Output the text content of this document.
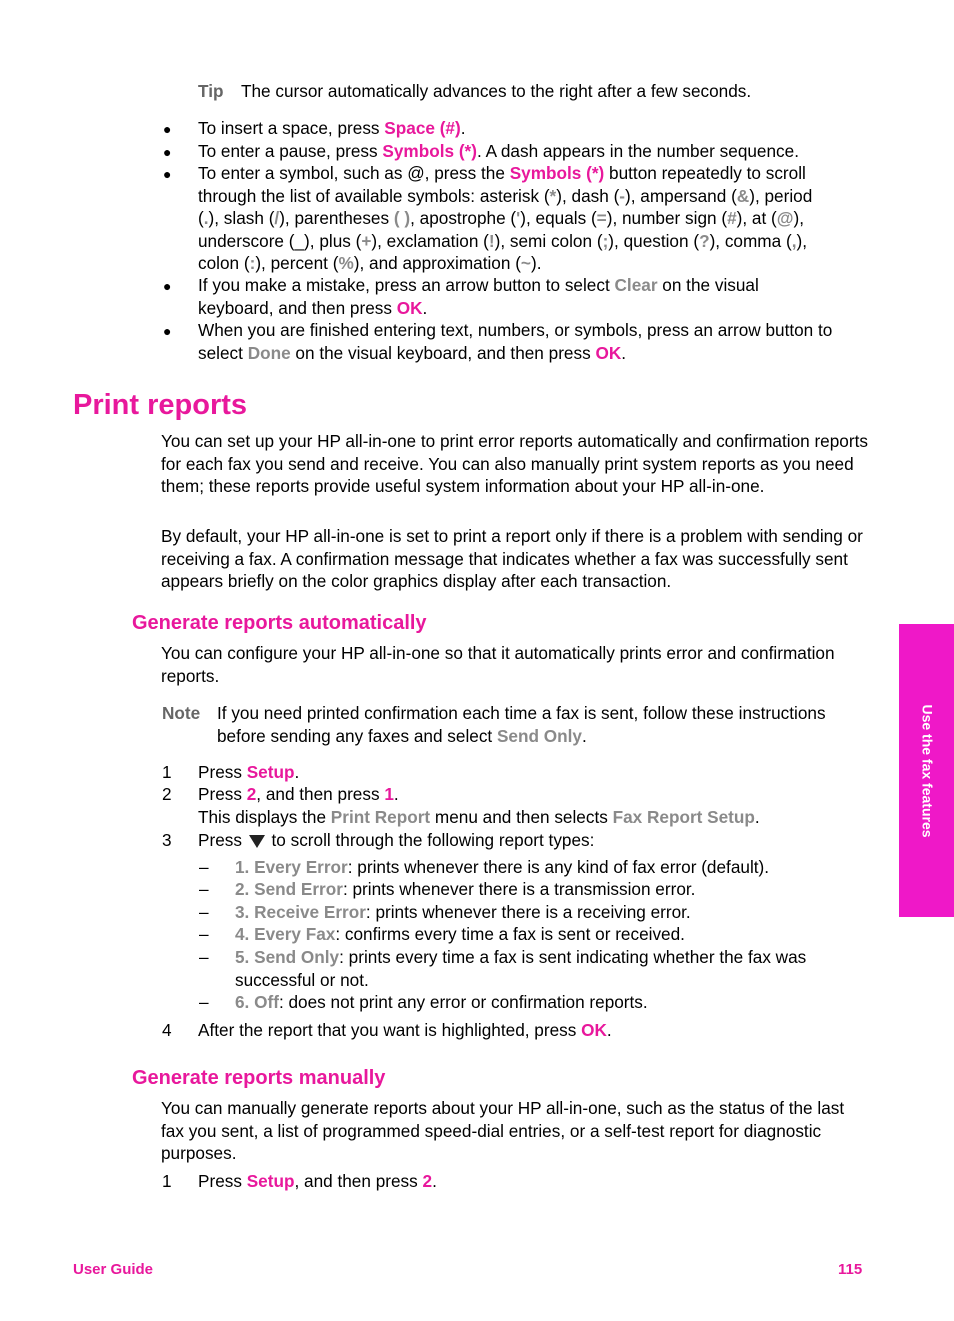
Tip The cursor automatically advances to the right after a few seconds.
● To insert a space, press Space (#).
● To enter a pause, press Symbols (*). A dash appears in the number sequence.
● To enter a symbol, such as @, press the Symbols (*) button repeatedly to scroll
through the list of available symbols: asterisk (*), dash (-), ampersand (&), period
(.), slash (/), parentheses ( ), apostrophe ('), equals (=), number sign (#), at (@),
underscore (_), plus (+), exclamation (!), semi colon (;), question (?), comma (,),
colon (:), percent (%), and approximation (~).
● If you make a mistake, press an arrow button to select Clear on the visual
keyboard, and then press OK.
● When you are finished entering text, numbers, or symbols, press an arrow button to
select Done on the visual keyboard, and then press OK.
Print reports
You can set up your HP all-in-one to print error reports automatically and confirmation reports for each fax you send and receive. You can also manually print system reports as you need them; these reports provide useful system information about your HP all-in-one.
By default, your HP all-in-one is set to print a report only if there is a problem with sending or receiving a fax. A confirmation message that indicates whether a fax was successfully sent appears briefly on the color graphics display after each transaction.
Generate reports automatically
You can configure your HP all-in-one so that it automatically prints error and confirmation reports.
Note If you need printed confirmation each time a fax is sent, follow these instructions
before sending any faxes and select Send Only.
1 Press Setup.
2 Press 2, and then press 1.
This displays the Print Report menu and then selects Fax Report Setup.
3 Press  to scroll through the following report types:
– 1. Every Error: prints whenever there is any kind of fax error (default).
– 2. Send Error: prints whenever there is a transmission error.
– 3. Receive Error: prints whenever there is a receiving error.
– 4. Every Fax: confirms every time a fax is sent or received.
– 5. Send Only: prints every time a fax is sent indicating whether the fax was
successful or not.
– 6. Off: does not print any error or confirmation reports.
4 After the report that you want is highlighted, press OK.
Generate reports manually
You can manually generate reports about your HP all-in-one, such as the status of the last fax you sent, a list of programmed speed-dial entries, or a self-test report for diagnostic purposes.
1 Press Setup, and then press 2.
Use the fax features
User Guide	115
